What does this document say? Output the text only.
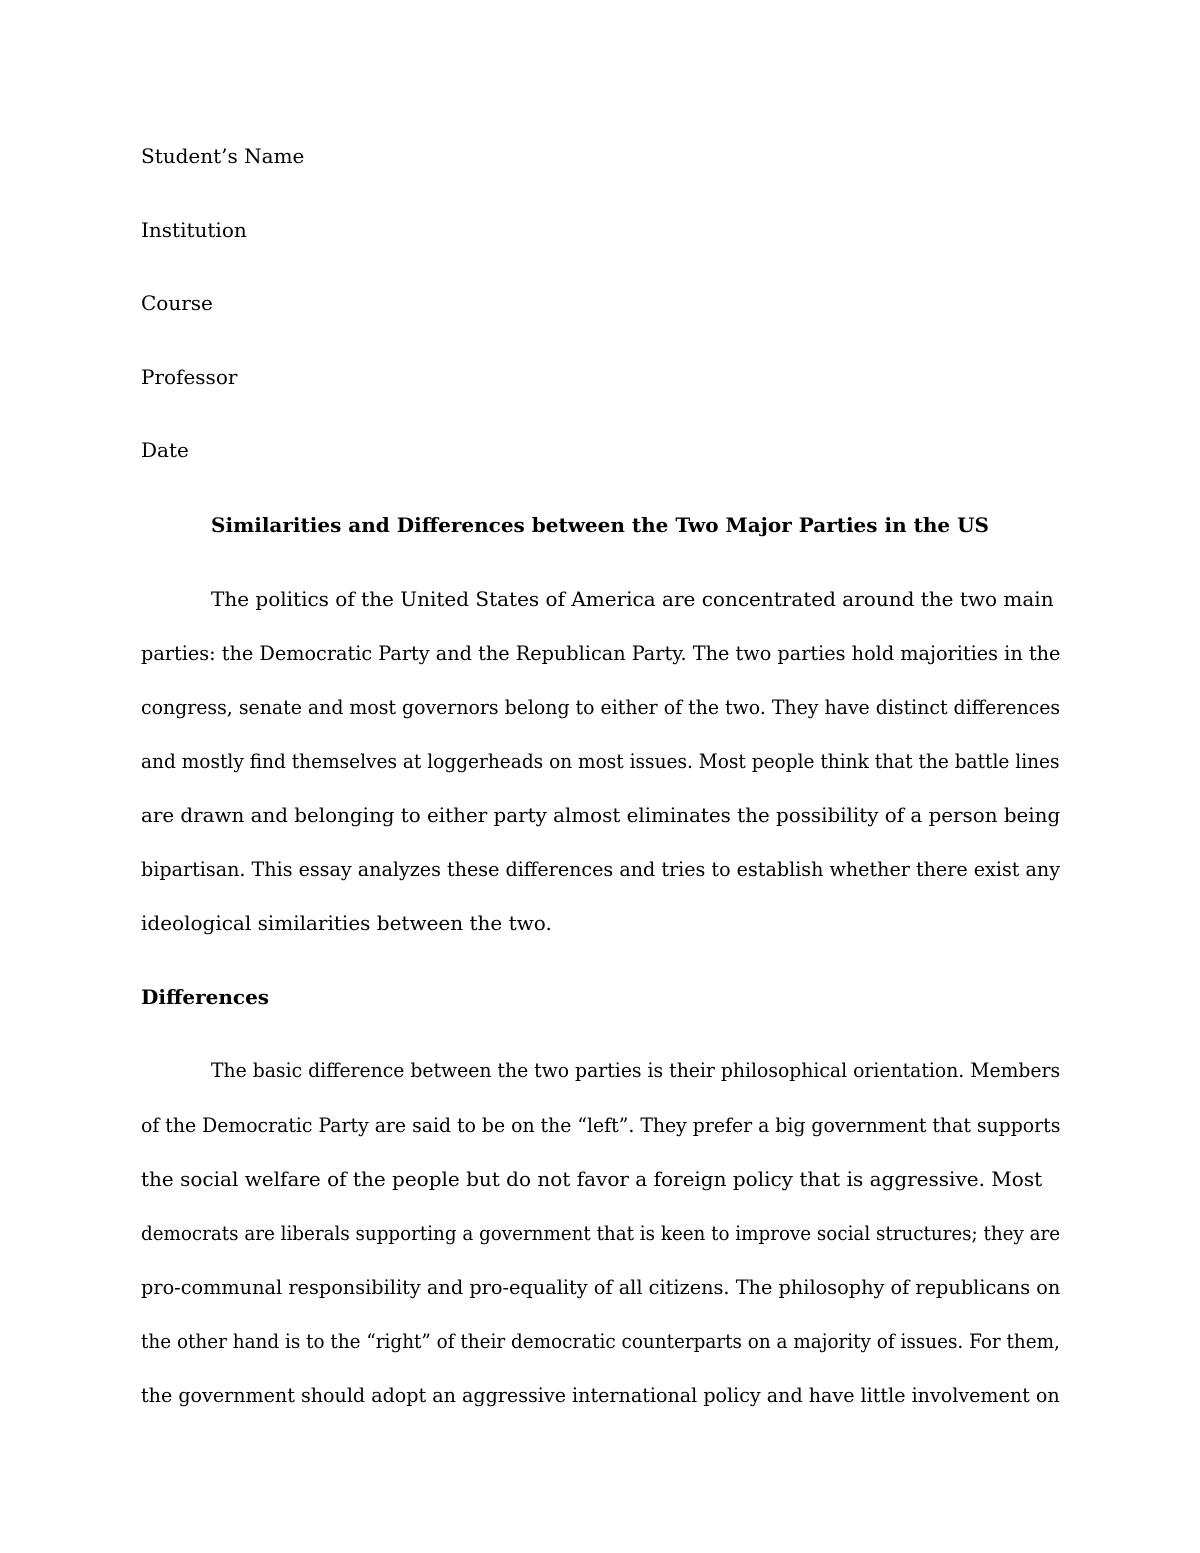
Student’s Name
Institution
Course
Professor
Date
Similarities and Differences between the Two Major Parties in the US
The politics of the United States of America are concentrated around the two main
parties: the Democratic Party and the Republican Party. The two parties hold majorities in the
congress, senate and most governors belong to either of the two. They have distinct differences
and mostly find themselves at loggerheads on most issues. Most people think that the battle lines
are drawn and belonging to either party almost eliminates the possibility of a person being
bipartisan. This essay analyzes these differences and tries to establish whether there exist any
ideological similarities between the two.
Differences
The basic difference between the two parties is their philosophical orientation. Members
of the Democratic Party are said to be on the “left”. They prefer a big government that supports
the social welfare of the people but do not favor a foreign policy that is aggressive. Most
democrats are liberals supporting a government that is keen to improve social structures; they are
pro-communal responsibility and pro-equality of all citizens. The philosophy of republicans on
the other hand is to the “right” of their democratic counterparts on a majority of issues. For them,
the government should adopt an aggressive international policy and have little involvement on
